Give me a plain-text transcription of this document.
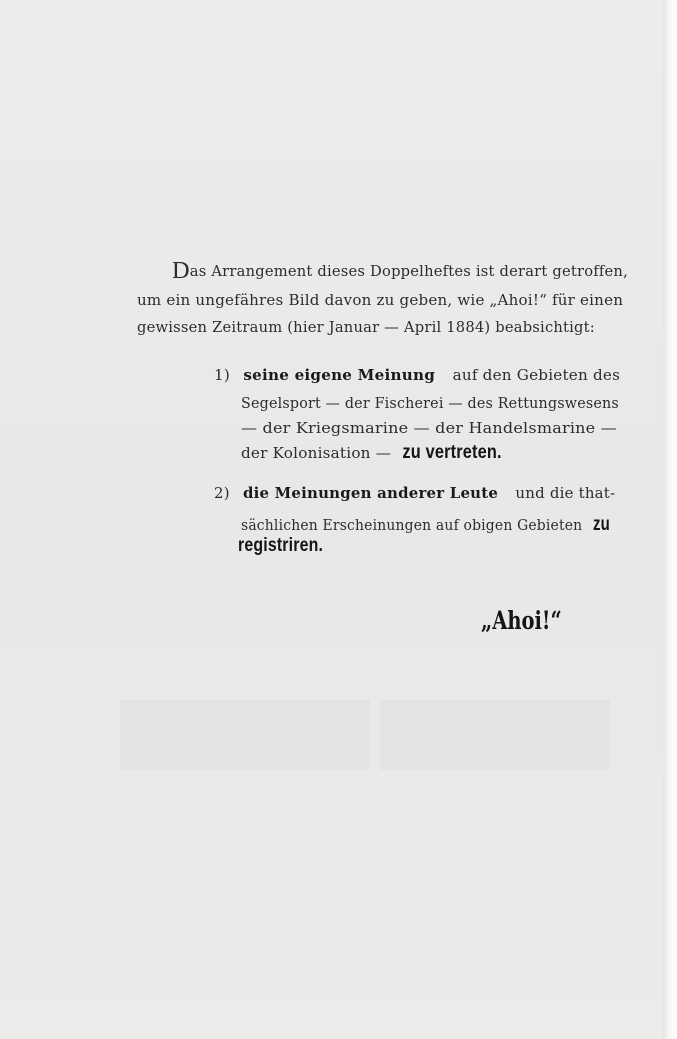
Das Arrangement dieses Doppelheftes ist derart getroffen,
um ein ungefähres Bild davon zu geben, wie „Ahoi!“ für einen
gewissen Zeitraum (hier Januar — April 1884) beabsichtigt:
1) seine eigene Meinung auf den Gebieten des
Segelsport — der Fischerei — des Rettungswesens
— der Kriegsmarine — der Handelsmarine —
der Kolonisation — zu vertreten.
2) die Meinungen anderer Leute und die that-
sächlichen Erscheinungen auf obigen Gebieten zu
registriren.
„Ahoi!“
